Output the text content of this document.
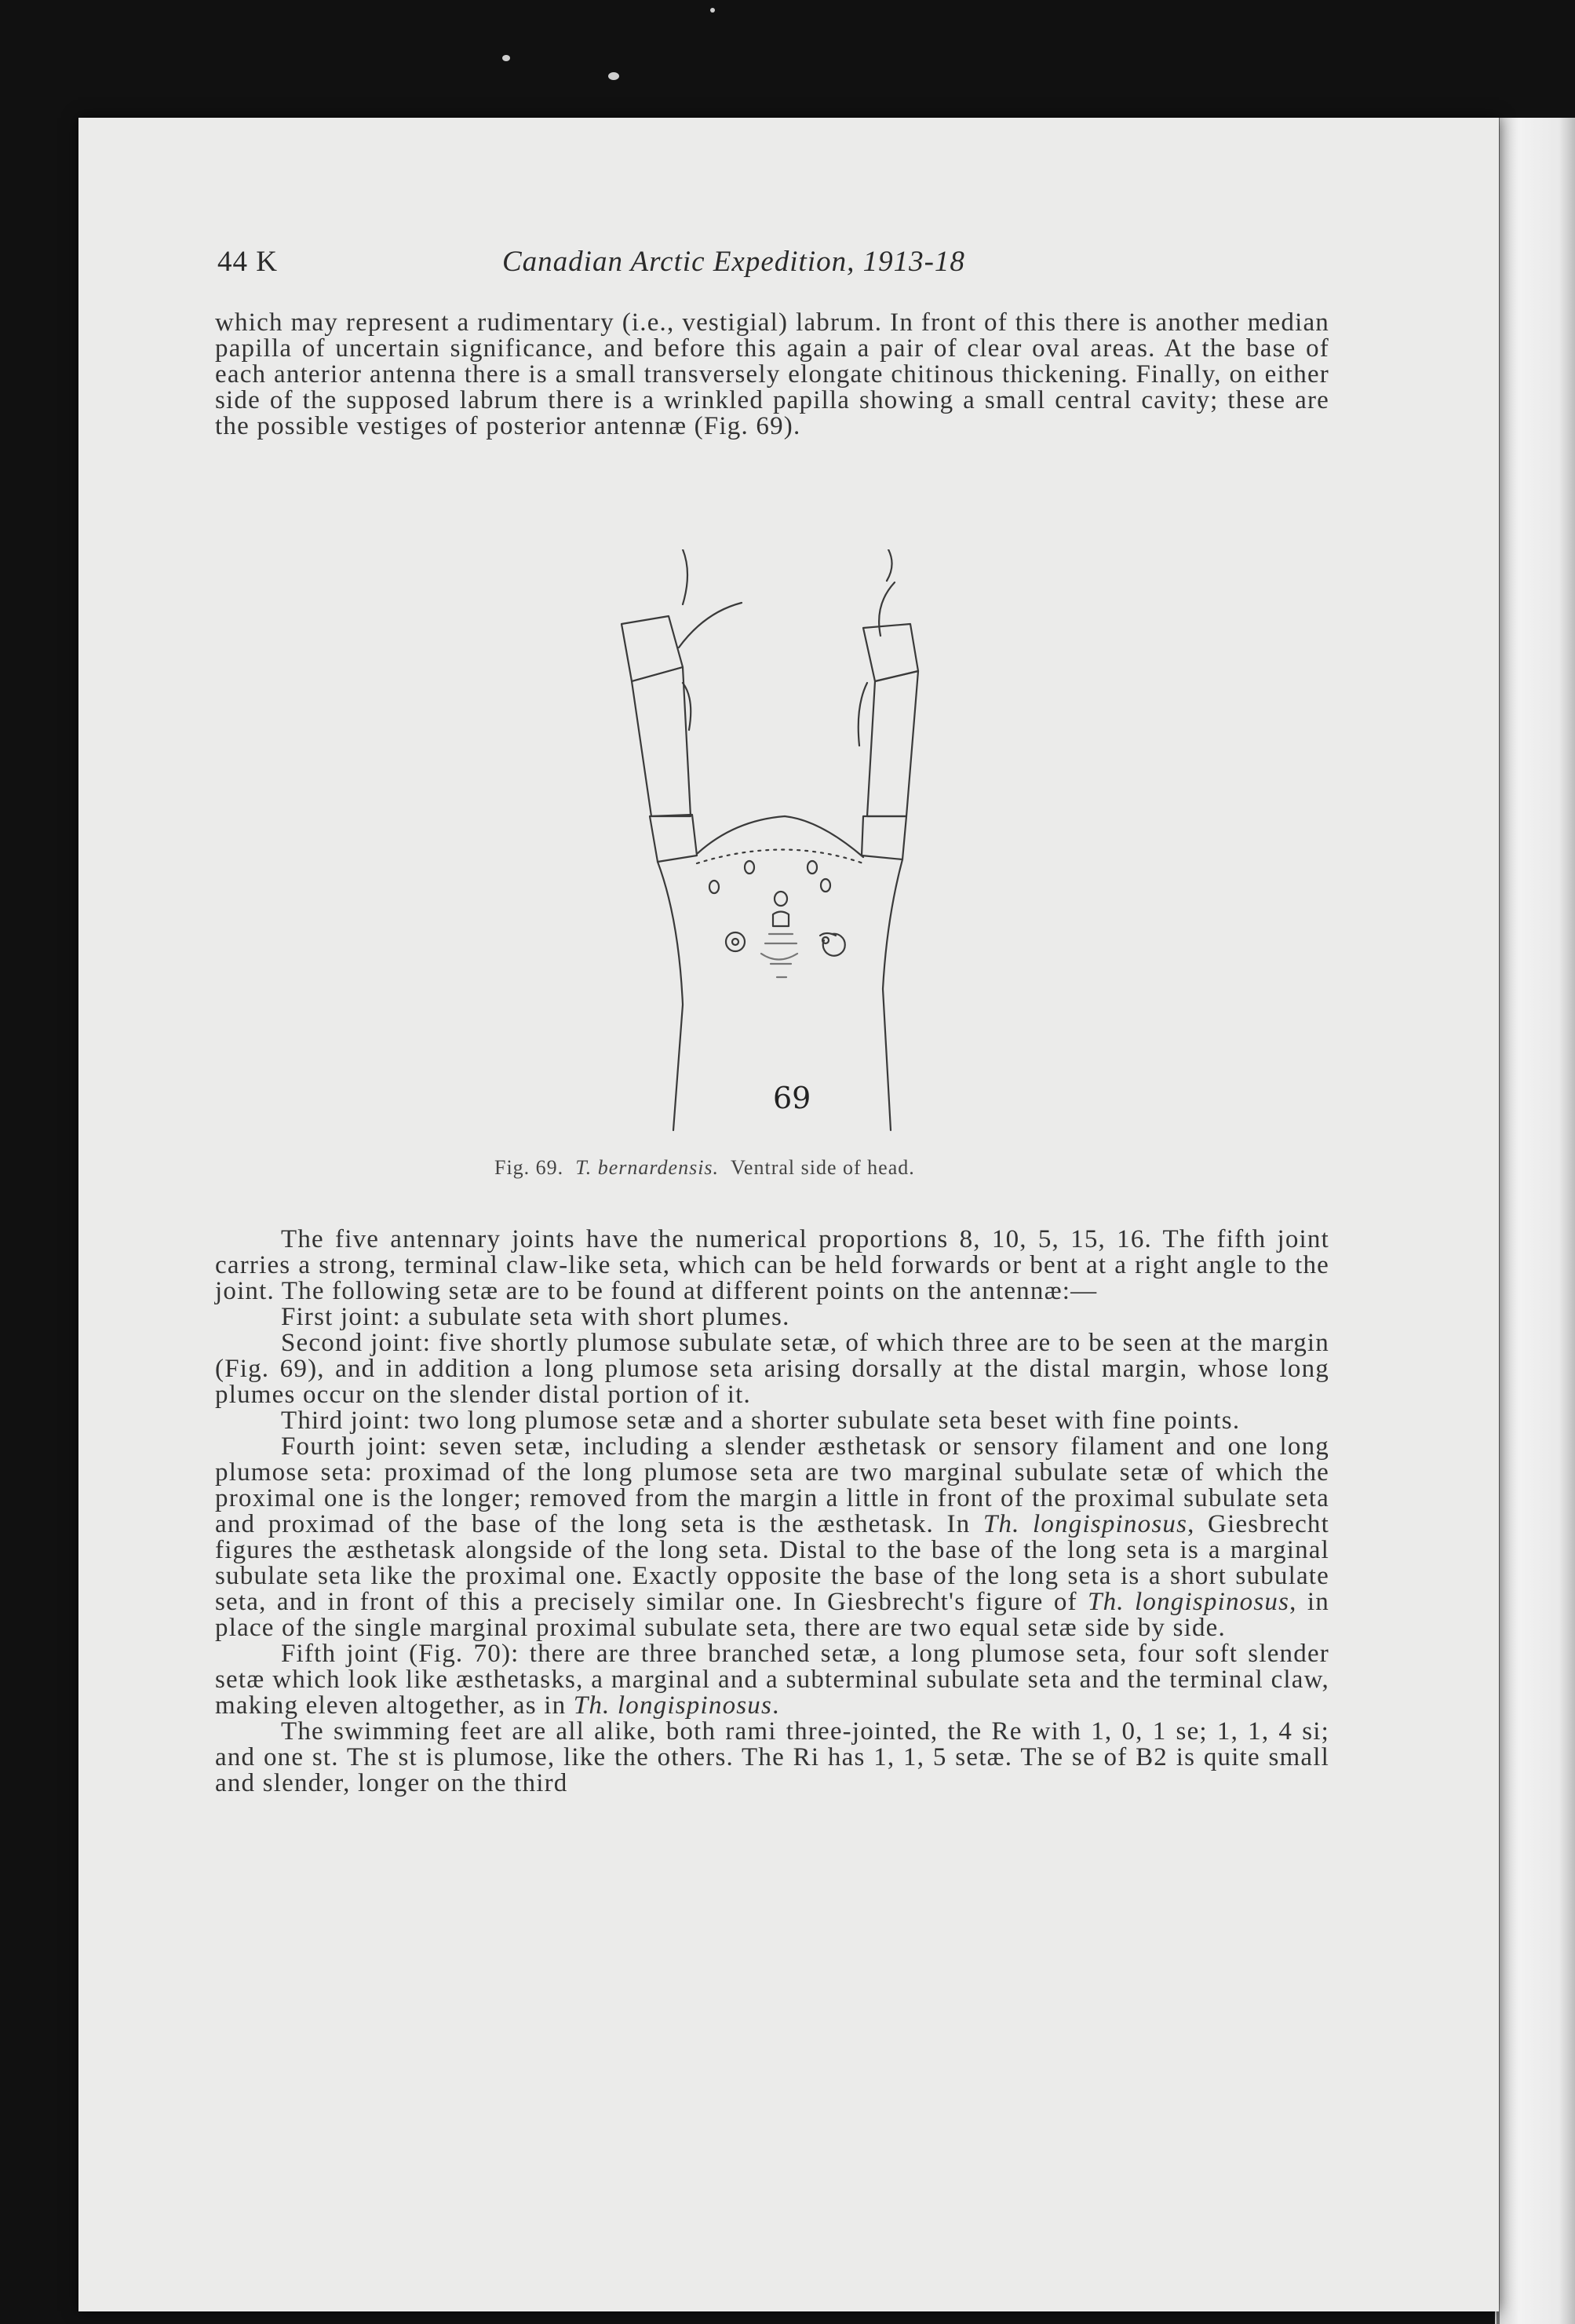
44 K	Canadian Arctic Expedition, 1913-18

which may represent a rudimentary (i.e., vestigial) labrum. In front of this there is another median papilla of uncertain significance, and before this again a pair of clear oval areas. At the base of each anterior antenna there is a small transversely elongate chitinous thickening. Finally, on either side of the supposed labrum there is a wrinkled papilla showing a small central cavity; these are the possible vestiges of posterior antennæ (Fig. 69).

69
Fig. 69. T. bernardensis. Ventral side of head.

The five antennary joints have the numerical proportions 8, 10, 5, 15, 16. The fifth joint carries a strong, terminal claw-like seta, which can be held forwards or bent at a right angle to the joint. The following setæ are to be found at different points on the antennæ:—

First joint: a subulate seta with short plumes.

Second joint: five shortly plumose subulate setæ, of which three are to be seen at the margin (Fig. 69), and in addition a long plumose seta arising dorsally at the distal margin, whose long plumes occur on the slender distal portion of it.

Third joint: two long plumose setæ and a shorter subulate seta beset with fine points.

Fourth joint: seven setæ, including a slender æsthetask or sensory filament and one long plumose seta: proximad of the long plumose seta are two marginal subulate setæ of which the proximal one is the longer; removed from the margin a little in front of the proximal subulate seta and proximad of the base of the long seta is the æsthetask. In Th. longispinosus, Giesbrecht figures the æsthetask alongside of the long seta. Distal to the base of the long seta is a marginal subulate seta like the proximal one. Exactly opposite the base of the long seta is a short subulate seta, and in front of this a precisely similar one. In Giesbrecht's figure of Th. longispinosus, in place of the single marginal proximal subulate seta, there are two equal setæ side by side.

Fifth joint (Fig. 70): there are three branched setæ, a long plumose seta, four soft slender setæ which look like æsthetasks, a marginal and a subterminal subulate seta and the terminal claw, making eleven altogether, as in Th. longispinosus.

The swimming feet are all alike, both rami three-jointed, the Re with 1, 0, 1 se; 1, 1, 4 si; and one st. The st is plumose, like the others. The Ri has 1, 1, 5 setæ. The se of B2 is quite small and slender, longer on the third
